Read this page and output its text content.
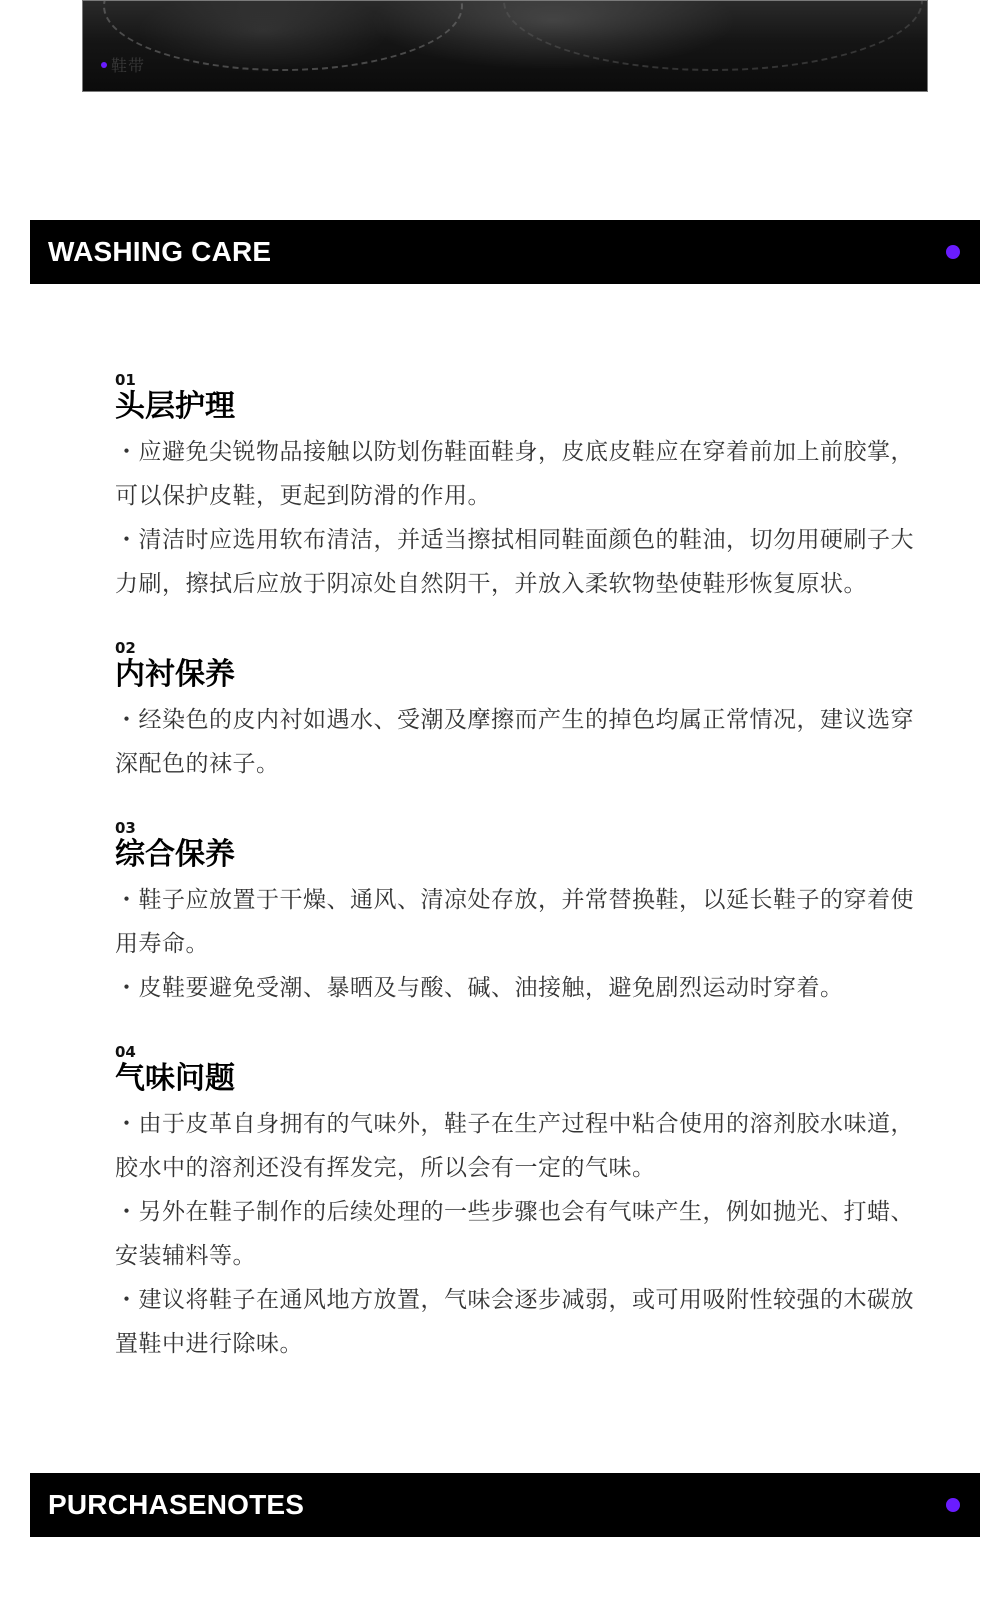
鞋带
WASHING CARE
01
头层护理
・应避免尖锐物品接触以防划伤鞋面鞋身，皮底皮鞋应在穿着前加上前胶掌，可以保护皮鞋，更起到防滑的作用。
・清洁时应选用软布清洁，并适当擦拭相同鞋面颜色的鞋油，切勿用硬刷子大力刷，擦拭后应放于阴凉处自然阴干，并放入柔软物垫使鞋形恢复原状。
02
内衬保养
・经染色的皮内衬如遇水、受潮及摩擦而产生的掉色均属正常情况，建议选穿深配色的袜子。
03
综合保养
・鞋子应放置于干燥、通风、清凉处存放，并常替换鞋，以延长鞋子的穿着使用寿命。
・皮鞋要避免受潮、暴晒及与酸、碱、油接触，避免剧烈运动时穿着。
04
气味问题
・由于皮革自身拥有的气味外，鞋子在生产过程中粘合使用的溶剂胶水味道，胶水中的溶剂还没有挥发完，所以会有一定的气味。
・另外在鞋子制作的后续处理的一些步骤也会有气味产生，例如抛光、打蜡、安装辅料等。
・建议将鞋子在通风地方放置，气味会逐步减弱，或可用吸附性较强的木碳放置鞋中进行除味。
PURCHASENOTES
